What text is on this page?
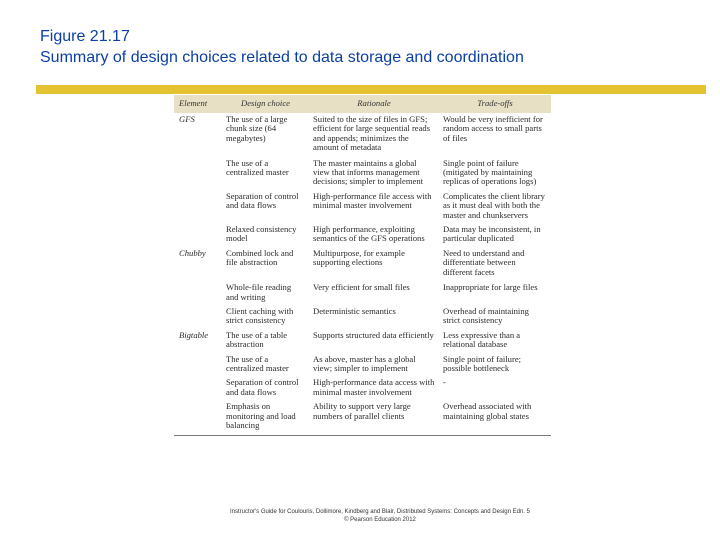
Figure 21.17
Summary of design choices related to data storage and coordination
Element	Design choice	Rationale	Trade-offs
GFS	The use of a large chunk size (64 megabytes)	Suited to the size of files in GFS; efficient for large sequential reads and appends; minimizes the amount of metadata	Would be very inefficient for random access to small parts of files
	The use of a centralized master	The master maintains a global view that informs management decisions; simpler to implement	Single point of failure (mitigated by maintaining replicas of operations logs)
	Separation of control and data flows	High-performance file access with minimal master involvement	Complicates the client library as it must deal with both the master and chunkservers
	Relaxed consistency model	High performance, exploiting semantics of the GFS operations	Data may be inconsistent, in particular duplicated
Chubby	Combined lock and file abstraction	Multipurpose, for example supporting elections	Need to understand and differentiate between different facets
	Whole-file reading and writing	Very efficient for small files	Inappropriate for large files
	Client caching with strict consistency	Deterministic semantics	Overhead of maintaining strict consistency
Bigtable	The use of a table abstraction	Supports structured data efficiently	Less expressive than a relational database
	The use of a centralized master	As above, master has a global view; simpler to implement	Single point of failure; possible bottleneck
	Separation of control and data flows	High-performance data access with minimal master involvement	-
	Emphasis on monitoring and load balancing	Ability to support very large numbers of parallel clients	Overhead associated with maintaining global states

Instructor's Guide for Coulouris, Dollimore, Kindberg and Blair, Distributed Systems: Concepts and Design Edn. 5
© Pearson Education 2012
